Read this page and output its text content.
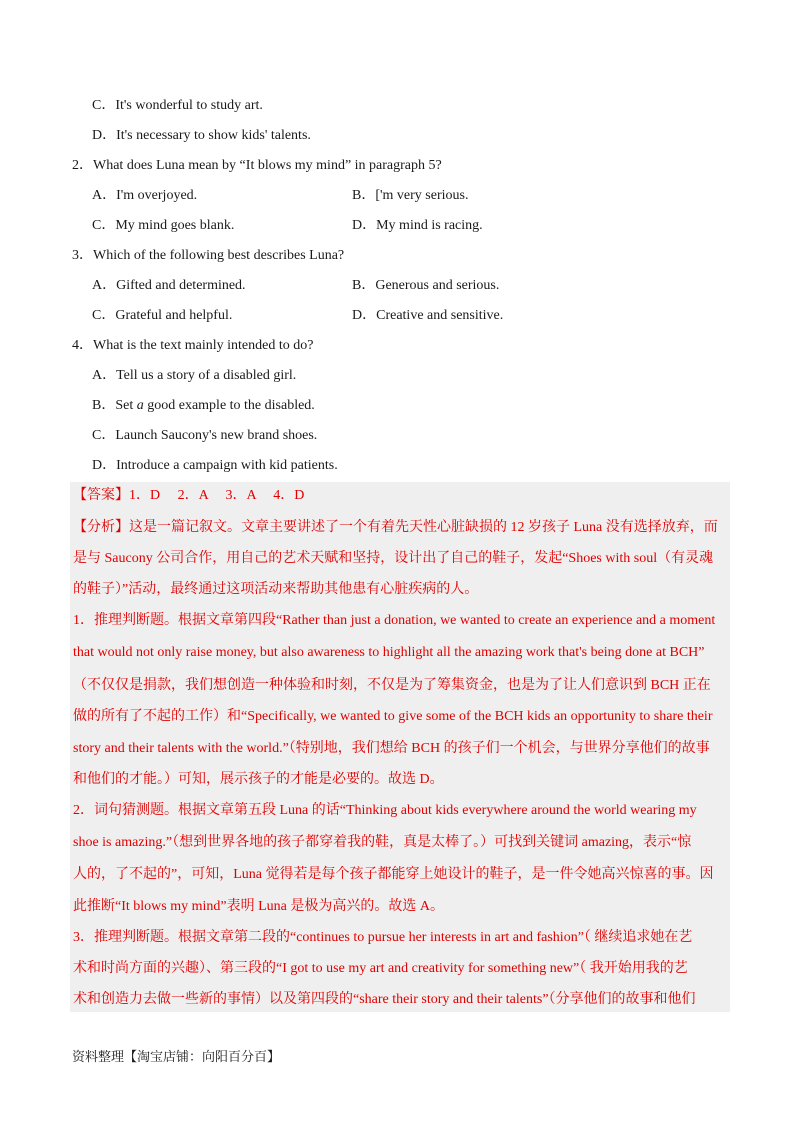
C．It's wonderful to study art.
D．It's necessary to show kids' talents.
2．What does Luna mean by “It blows my mind” in paragraph 5?
A．I'm overjoyed.	B．['m very serious.
C．My mind goes blank.	D．My mind is racing.
3．Which of the following best describes Luna?
A．Gifted and determined.	B．Generous and serious.
C．Grateful and helpful.	D．Creative and sensitive.
4．What is the text mainly intended to do?
A．Tell us a story of a disabled girl.
B．Set a good example to the disabled.
C．Launch Saucony's new brand shoes.
D．Introduce a campaign with kid patients.
【答案】1．D　 2．A　 3．A　 4．D
【分析】这是一篇记叙文。文章主要讲述了一个有着先天性心脏缺损的 12 岁孩子 Luna 没有选择放弃，而
是与 Saucony 公司合作，用自己的艺术天赋和坚持，设计出了自己的鞋子，发起“Shoes with soul（有灵魂
的鞋子）”活动，最终通过这项活动来帮助其他患有心脏疾病的人。
1．推理判断题。根据文章第四段“Rather than just a donation, we wanted to create an experience and a moment
that would not only raise money, but also awareness to highlight all the amazing work that's being done at BCH”
（不仅仅是捐款，我们想创造一种体验和时刻，不仅是为了筹集资金，也是为了让人们意识到 BCH 正在
做的所有了不起的工作）和“Specifically, we wanted to give some of the BCH kids an opportunity to share their
story and their talents with the world.”（特别地，我们想给 BCH 的孩子们一个机会，与世界分享他们的故事
和他们的才能。）可知，展示孩子的才能是必要的。故选 D。
2．词句猜测题。根据文章第五段 Luna 的话“Thinking about kids everywhere around the world wearing my
shoe is amazing.”（想到世界各地的孩子都穿着我的鞋，真是太棒了。）可找到关键词 amazing，表示“惊
人的，了不起的”，可知，Luna 觉得若是每个孩子都能穿上她设计的鞋子，是一件令她高兴惊喜的事。因
此推断“It blows my mind”表明 Luna 是极为高兴的。故选 A。
3．推理判断题。根据文章第二段的“continues to pursue her interests in art and fashion”（ 继续追求她在艺
术和时尚方面的兴趣）、第三段的“I got to use my art and creativity for something new”（ 我开始用我的艺
术和创造力去做一些新的事情）以及第四段的“share their story and their talents”（分享他们的故事和他们
资料整理【淘宝店铺：向阳百分百】
